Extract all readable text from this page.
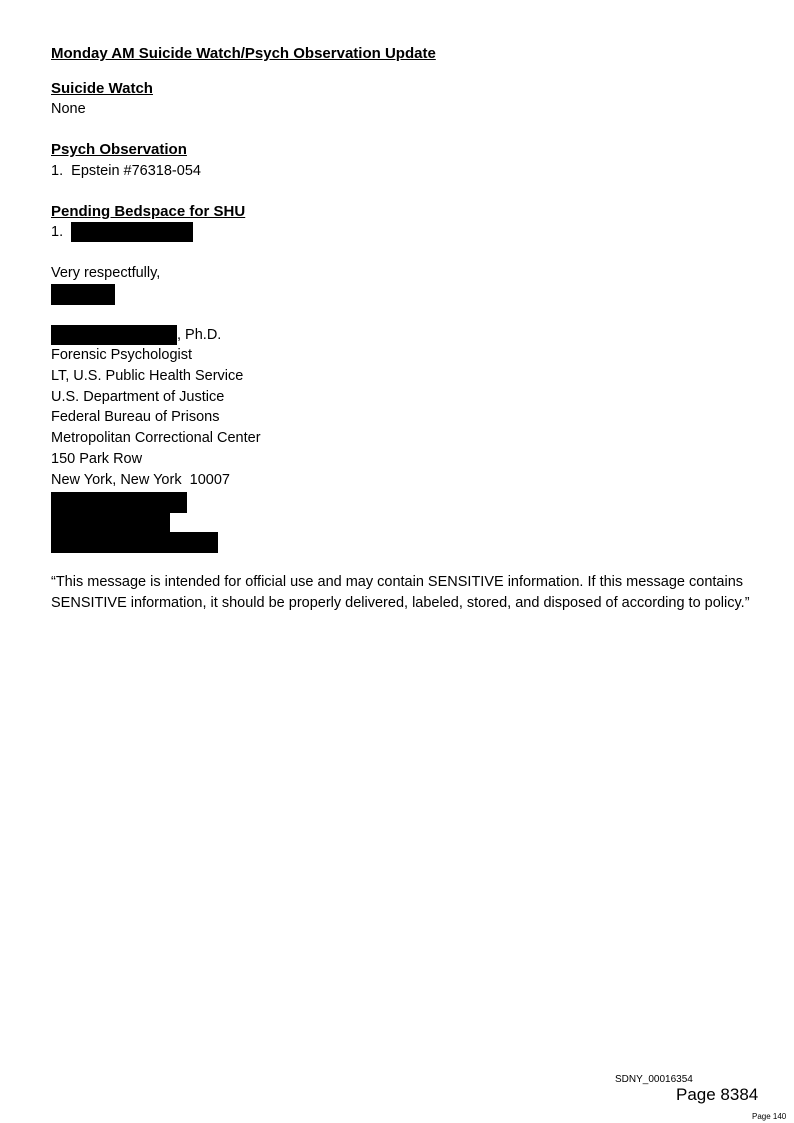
Monday AM Suicide Watch/Psych Observation Update

Suicide Watch

None

Psych Observation

1. Epstein #76318-054

Pending Bedspace for SHU

1.

Very respectfully,

, Ph.D.

Forensic Psychologist

LT, U.S. Public Health Service

U.S. Department of Justice

Federal Bureau of Prisons

Metropolitan Correctional Center

150 Park Row

New York, New York  10007

“This message is intended for official use and may contain SENSITIVE information. If this message contains SENSITIVE information, it should be properly delivered, labeled, stored, and disposed of according to policy.”

SDNY_00016354
Page 8384
Page 140
